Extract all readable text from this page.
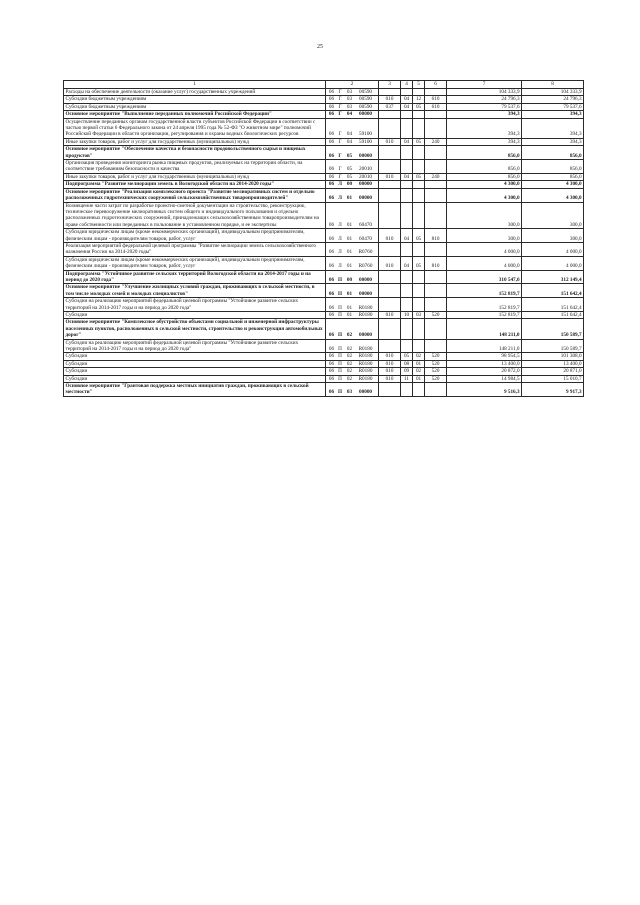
25
1	2				3	4	5	6	7	8
Расходы на обеспечение деятельности (оказание услуг) государственных учреждений	06	Г	03	00590					104 333,9	104 333,9
Субсидии бюджетным учреждениям	06	Г	03	00590	010	04	12	610	24 796,3	24 796,3
Субсидии бюджетным учреждениям	06	Г	03	00590	037	04	05	610	79 537,6	79 537,6
Основное мероприятие "Выполнение переданных полномочий Российской Федерации"	06	Г	04	00000					394,3	394,3
Осуществление переданных органам государственной власти субъектов Российской Федерации в соответствии с частью первой статьи 6 Федерального закона от 24 апреля 1995 года № 52-ФЗ "О животном мире" полномочий Российской Федерации в области организации, регулирования и охраны водных биологических ресурсов	06	Г	04	59100					394,3	394,3
Иные закупки товаров, работ и услуг для государственных (муниципальных) нужд	06	Г	04	59100	010	04	05	240	394,3	394,3
Основное мероприятие "Обеспечение качества и безопасности продовольственного сырья и пищевых продуктов"	06	Г	05	00000					856,0	856,0
Организация проведения мониторинга рынка пищевых продуктов, реализуемых на территории области, на соответствие требованиям безопасности и качества	06	Г	05	20010					856,0	856,0
Иные закупки товаров, работ и услуг для государственных (муниципальных) нужд	06	Г	05	20010	010	04	05	240	856,0	856,0
Подпрограмма "Развитие мелиорации земель в Вологодской области на 2014-2020 годы"	06	Л	00	00000					4 300,0	4 300,0
Основное мероприятие "Реализация комплексного проекта "Развитие мелиоративных систем и отдельно расположенных гидротехнических сооружений сельскохозяйственных товаропроизводителей"	06	Л	01	00000					4 300,0	4 300,0
Возмещение части затрат по разработке проектно-сметной документации на строительство, реконструкцию, техническое перевооружение мелиоративных систем общего и индивидуального пользования и отдельно расположенных гидротехнических сооружений, принадлежащих сельскохозяйственным товаропроизводителям на праве собственности или переданных в пользование в установленном порядке, и ее экспертизы	06	Л	01	60470					300,0	300,0
Субсидии юридическим лицам (кроме некоммерческих организаций), индивидуальным предпринимателям, физическим лицам - производителям товаров, работ, услуг	06	Л	01	60470	010	04	05	810	300,0	300,0
Реализация мероприятий федеральной целевой программы "Развитие мелиорации земель сельскохозяйственного назначения России на 2014-2020 годы"	06	Л	01	R0760					4 000,0	4 000,0
Субсидии юридическим лицам (кроме некоммерческих организаций), индивидуальным предпринимателям, физическим лицам - производителям товаров, работ, услуг	06	Л	01	R0760	010	04	05	810	4 000,0	4 000,0
Подпрограмма "Устойчивое развитие сельских территорий Вологодской области на 2014-2017 годы и на период до 2020 года"	06	П	00	00000					310 547,0	312 149,4
Основное мероприятие "Улучшение жилищных условий граждан, проживающих в сельской местности, в том числе молодых семей и молодых специалистов"	06	П	01	00000					152 819,7	151 642,4
Субсидии на реализацию мероприятий федеральной целевой программы "Устойчивое развитие сельских территорий на 2014-2017 годы и на период до 2020 года"	06	П	01	R0180					152 819,7	151 642,4
Субсидии	06	П	01	R0180	010	10	03	520	152 819,7	151 642,4
Основное мероприятие "Комплексное обустройство объектами социальной и инженерной инфраструктуры населенных пунктов, расположенных в сельской местности, строительство и реконструкция автомобильных дорог"	06	П	02	00000					148 211,0	150 589,7
Субсидии на реализацию мероприятий федеральной целевой программы "Устойчивое развитие сельских территорий на 2014-2017 годы и на период до 2020 года"	06	П	02	R0180					148 211,0	150 589,7
Субсидии	06	П	02	R0180	010	05	02	520	98 954,5	101 308,0
Субсидии	06	П	02	R0180	010	08	01	520	13 400,0	13 400,0
Субсидии	06	П	02	R0180	010	09	02	520	20 872,0	20 871,0
Субсидии	06	П	02	R0180	010	11	01	520	14 984,5	15 010,7
Основное мероприятие "Грантовая поддержка местных инициатив граждан, проживающих в сельской местности"	06	П	03	00000					9 516,3	9 917,3
